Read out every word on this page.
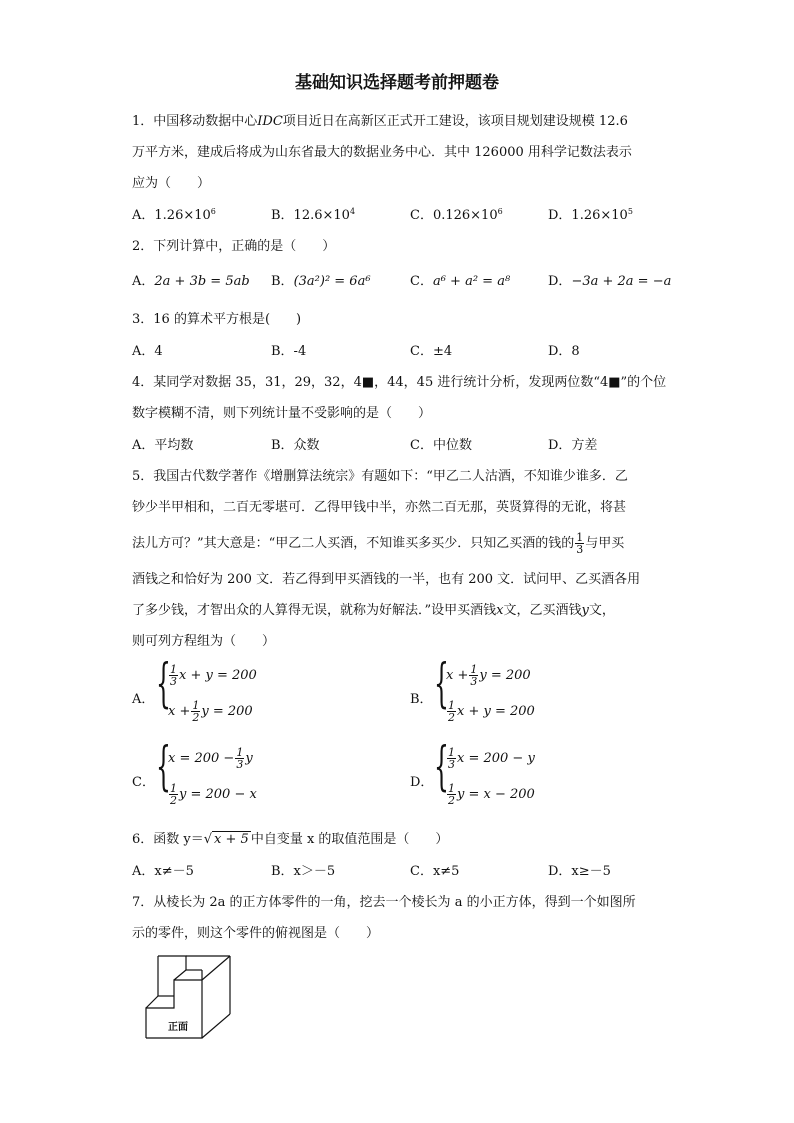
基础知识选择题考前押题卷
1．中国移动数据中心IDC项目近日在高新区正式开工建设，该项目规划建设规模 12.6
万平方米，建成后将成为山东省最大的数据业务中心．其中 126000 用科学记数法表示
应为（　　）
A．$1.26\times 10^6$	B．$12.6\times 10^4$	C．$0.126\times 10^6$	D．$1.26\times 10^5$
2．下列计算中，正确的是（　　）
A．2a + 3b = 5ab B．(3a²)² = 6a⁶	C．a⁶ + a² = a⁸	D．−3a + 2a = −a
3．16 的算术平方根是(　　)
A．4	B．-4	C．±4	D．8
4．某同学对数据 35，31，29，32，4■，44，45 进行统计分析，发现两位数“4■”的个位
数字模糊不清，则下列统计量不受影响的是（　　）
A．平均数	B．众数	C．中位数	D．方差
5．我国古代数学著作《增删算法统宗》有题如下：“甲乙二人沽酒，不知谁少谁多．乙
钞少半甲相和，二百无零堪可．乙得甲钱中半，亦然二百无那，英贤算得的无讹，将甚
法儿方可？”其大意是：“甲乙二人买酒，不知谁买多买少．只知乙买酒的钱的 $\frac{1}{3}$ 与甲买
酒钱之和恰好为 200 文．若乙得到甲买酒钱的一半，也有 200 文．试问甲、乙买酒各用
了多少钱，才智出众的人算得无误，就称为好解法．”设甲买酒钱x文，乙买酒钱y文，
则可列方程组为（　　）
A． {
$\frac{1}{3}$ x + y = 200
$x + \frac{1}{2}$ y = 200
B． {
$x + \frac{1}{3}$ y = 200
$\frac{1}{2}$ x + y = 200
C． {
$x = 200 - \frac{1}{3}$ y
$\frac{1}{2}$ y = 200 − x
D． {
$\frac{1}{3}$ x = 200 − y
$\frac{1}{2}$ y = x − 200
6．函数 y＝√ x + 5 中自变量 x 的取值范围是（　　）
A．x≠－5	B．x＞－5	C．x≠5	D．x≥－5
7．从棱长为 2a 的正方体零件的一角，挖去一个棱长为 a 的小正方体，得到一个如图所
示的零件，则这个零件的俯视图是（　　）
正面
